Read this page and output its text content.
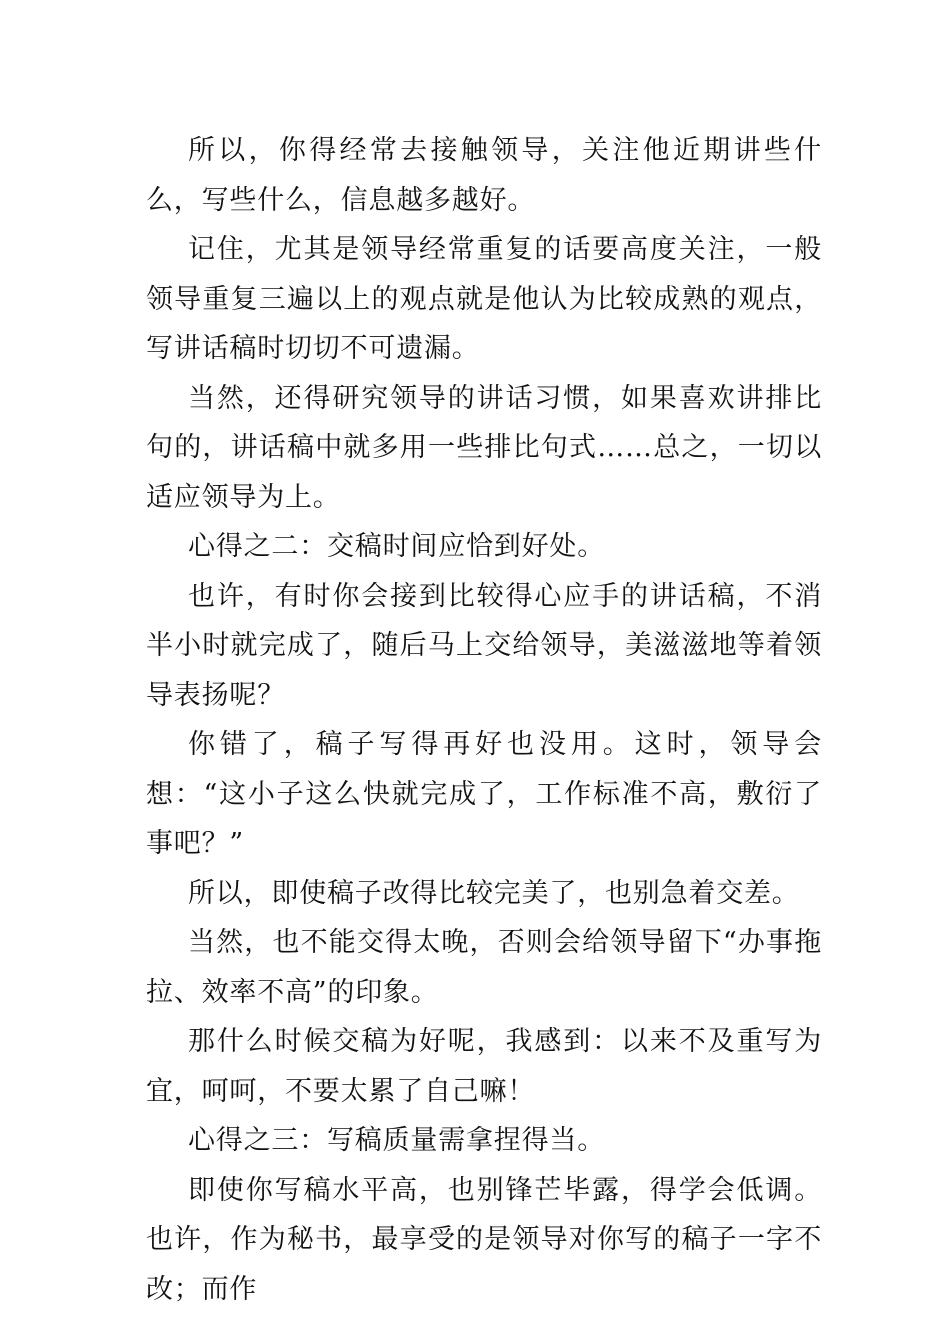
所以，你得经常去接触领导，关注他近期讲些什么，写些什么，信息越多越好。

记住，尤其是领导经常重复的话要高度关注，一般领导重复三遍以上的观点就是他认为比较成熟的观点，写讲话稿时切切不可遗漏。

当然，还得研究领导的讲话习惯，如果喜欢讲排比句的，讲话稿中就多用一些排比句式……总之，一切以适应领导为上。

心得之二：交稿时间应恰到好处。

也许，有时你会接到比较得心应手的讲话稿，不消半小时就完成了，随后马上交给领导，美滋滋地等着领导表扬呢？

你错了，稿子写得再好也没用。这时，领导会想：“这小子这么快就完成了，工作标准不高，敷衍了事吧？”

所以，即使稿子改得比较完美了，也别急着交差。

当然，也不能交得太晚，否则会给领导留下“办事拖拉、效率不高”的印象。

那什么时候交稿为好呢，我感到：以来不及重写为宜，呵呵，不要太累了自己嘛！

心得之三：写稿质量需拿捏得当。

即使你写稿水平高，也别锋芒毕露，得学会低调。也许，作为秘书，最享受的是领导对你写的稿子一字不改；而作
